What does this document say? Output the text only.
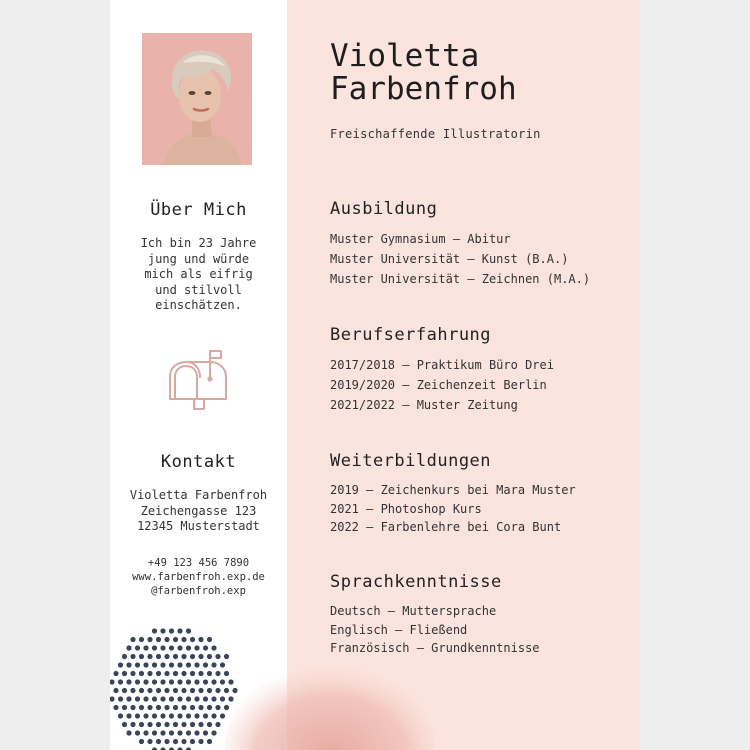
Violetta
Farbenfroh
Freischaffende Illustratorin
Ausbildung
Muster Gymnasium – Abitur
Muster Universität – Kunst (B.A.)
Muster Universität – Zeichnen (M.A.)
Berufserfahrung
2017/2018 – Praktikum Büro Drei
2019/2020 – Zeichenzeit Berlin
2021/2022 – Muster Zeitung
Weiterbildungen
2019 – Zeichenkurs bei Mara Muster
2021 – Photoshop Kurs
2022 – Farbenlehre bei Cora Bunt
Sprachkenntnisse
Deutsch – Muttersprache
Englisch – Fließend
Französisch – Grundkenntnisse
Über Mich
Ich bin 23 Jahre
jung und würde
mich als eifrig
und stilvoll
einschätzen.
Kontakt
Violetta Farbenfroh
Zeichengasse 123
12345 Musterstadt
+49 123 456 7890
www.farbenfroh.exp.de
@farbenfroh.exp
